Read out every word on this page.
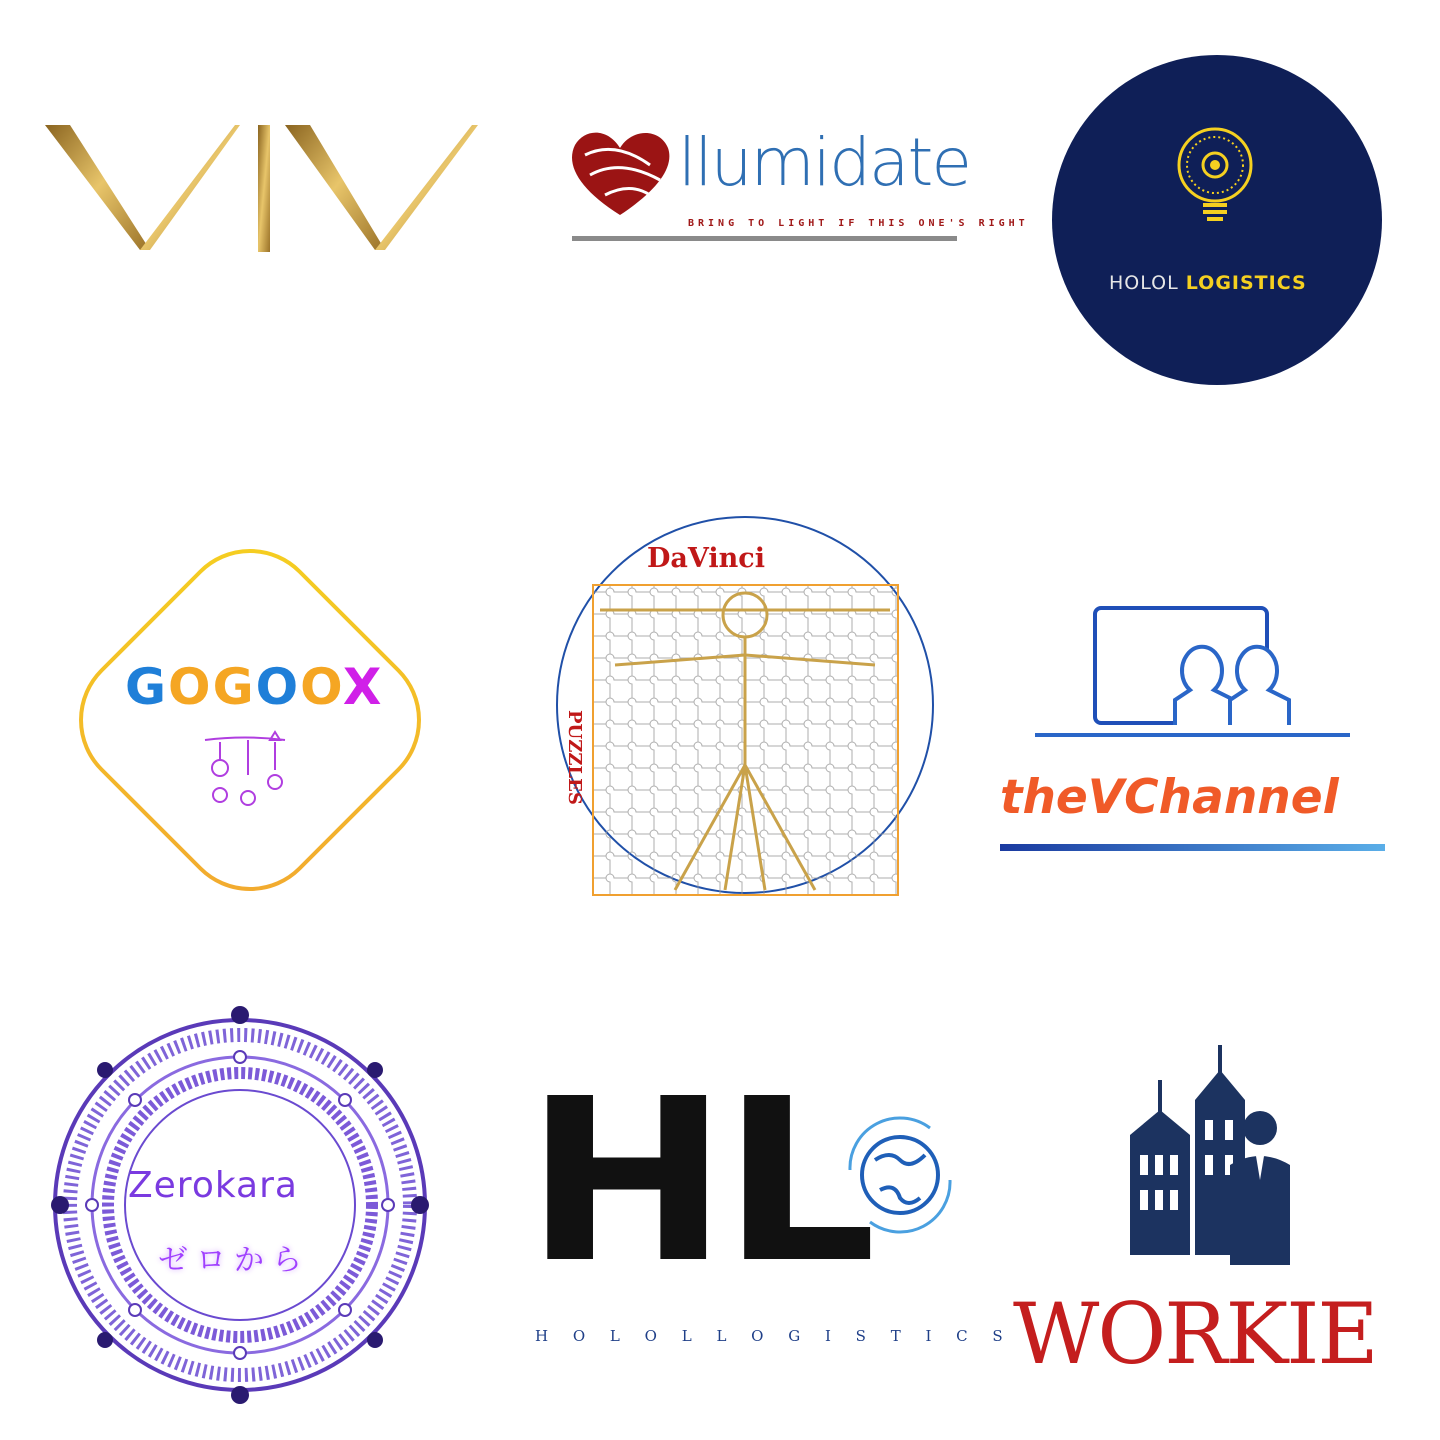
llumidate
BRING TO LIGHT IF THIS ONE'S RIGHT
HOLOL LOGISTICS
GOGOOX
DaVinci
PUZZLES	theVChannel
Zerokara
ゼロから HL
H O L O L L O G I S T I C S WORKIE
